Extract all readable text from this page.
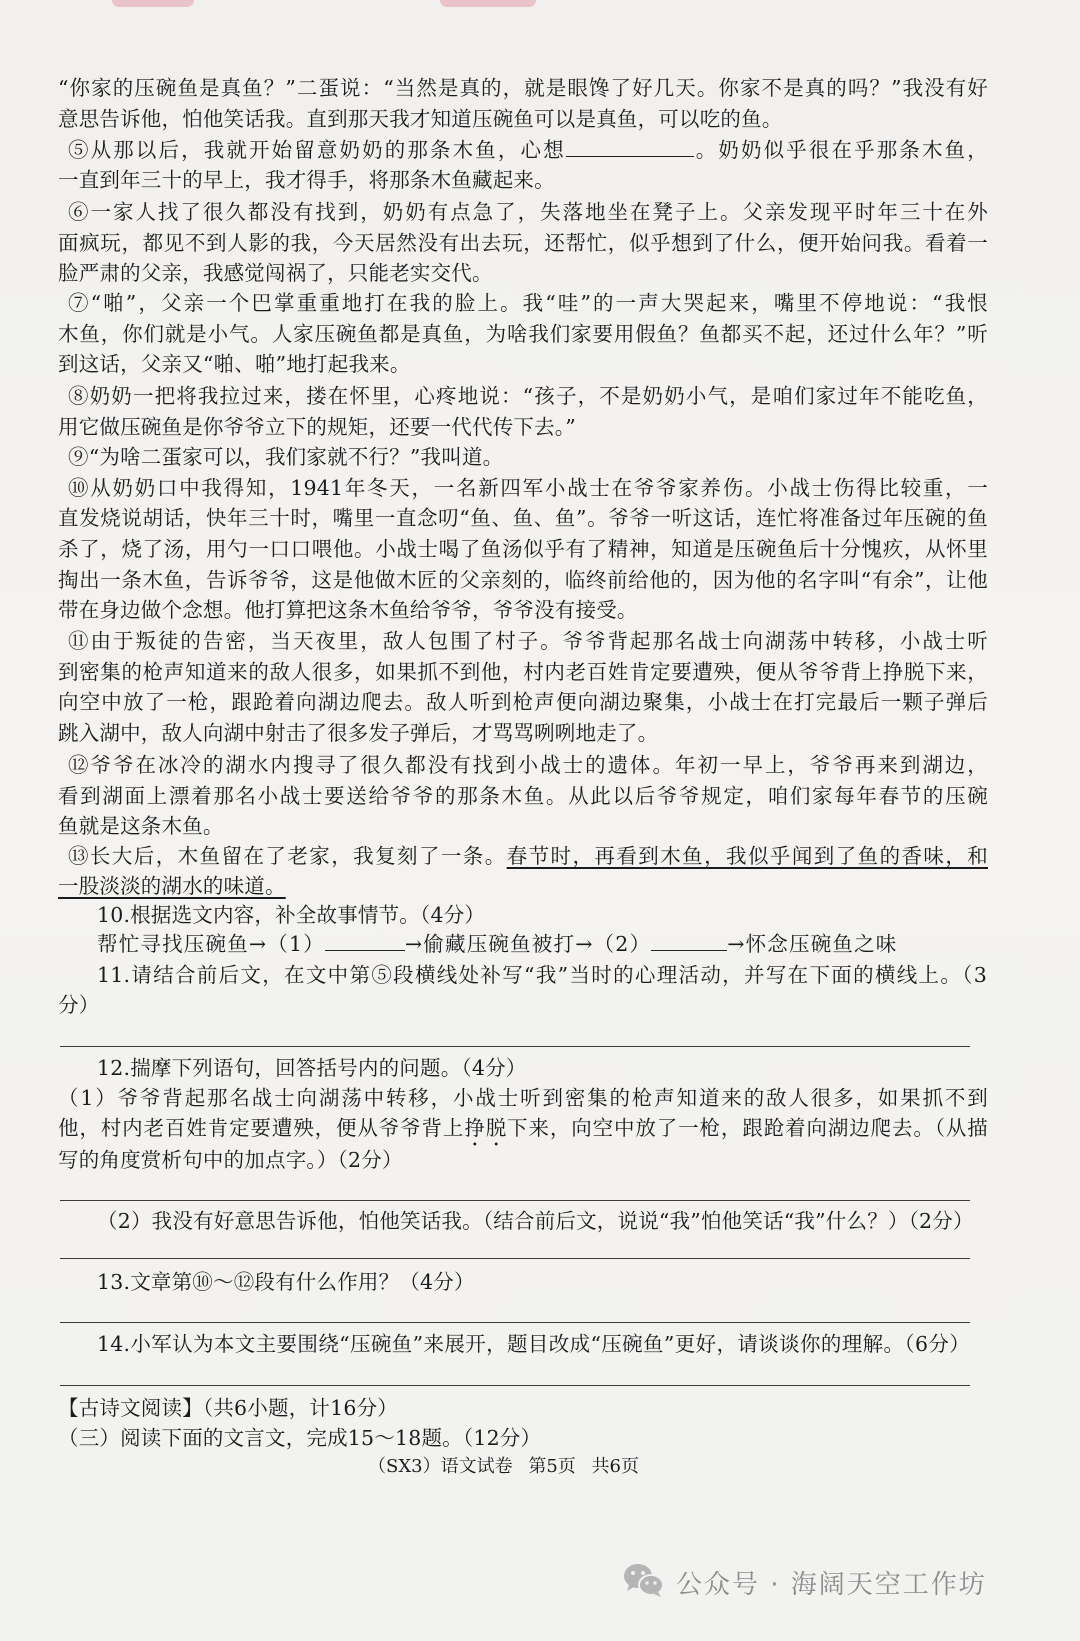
“你家的压碗鱼是真鱼？”二蛋说：“当然是真的，就是眼馋了好几天。你家不是真的吗？”我没有好
意思告诉他，怕他笑话我。直到那天我才知道压碗鱼可以是真鱼，可以吃的鱼。
⑤从那以后，我就开始留意奶奶的那条木鱼，心想	。奶奶似乎很在乎那条木鱼，
一直到年三十的早上，我才得手，将那条木鱼藏起来。
⑥一家人找了很久都没有找到，奶奶有点急了，失落地坐在凳子上。父亲发现平时年三十在外
面疯玩，都见不到人影的我，今天居然没有出去玩，还帮忙，似乎想到了什么，便开始问我。看着一
脸严肃的父亲，我感觉闯祸了，只能老实交代。
⑦“啪”，父亲一个巴掌重重地打在我的脸上。我“哇”的一声大哭起来，嘴里不停地说：“我恨
木鱼，你们就是小气。人家压碗鱼都是真鱼，为啥我们家要用假鱼？鱼都买不起，还过什么年？”听
到这话，父亲又“啪、啪”地打起我来。
⑧奶奶一把将我拉过来，搂在怀里，心疼地说：“孩子，不是奶奶小气，是咱们家过年不能吃鱼，
用它做压碗鱼是你爷爷立下的规矩，还要一代代传下去。”
⑨“为啥二蛋家可以，我们家就不行？”我叫道。
⑩从奶奶口中我得知，1941年冬天，一名新四军小战士在爷爷家养伤。小战士伤得比较重，一
直发烧说胡话，快年三十时，嘴里一直念叨“鱼、鱼、鱼”。爷爷一听这话，连忙将准备过年压碗的鱼
杀了，烧了汤，用勺一口口喂他。小战士喝了鱼汤似乎有了精神，知道是压碗鱼后十分愧疚，从怀里
掏出一条木鱼，告诉爷爷，这是他做木匠的父亲刻的，临终前给他的，因为他的名字叫“有余”，让他
带在身边做个念想。他打算把这条木鱼给爷爷，爷爷没有接受。
⑪由于叛徒的告密，当天夜里，敌人包围了村子。爷爷背起那名战士向湖荡中转移，小战士听
到密集的枪声知道来的敌人很多，如果抓不到他，村内老百姓肯定要遭殃，便从爷爷背上挣脱下来，
向空中放了一枪，跟跄着向湖边爬去。敌人听到枪声便向湖边聚集，小战士在打完最后一颗子弹后
跳入湖中，敌人向湖中射击了很多发子弹后，才骂骂咧咧地走了。
⑫爷爷在冰冷的湖水内搜寻了很久都没有找到小战士的遗体。年初一早上，爷爷再来到湖边，
看到湖面上漂着那名小战士要送给爷爷的那条木鱼。从此以后爷爷规定，咱们家每年春节的压碗
鱼就是这条木鱼。
⑬长大后，木鱼留在了老家，我复刻了一条。春节时，再看到木鱼，我似乎闻到了鱼的香味，和
一股淡淡的湖水的味道。
10.根据选文内容，补全故事情节。（4分）
帮忙寻找压碗鱼→（1）	→偷藏压碗鱼被打→（2）	→怀念压碗鱼之味
11.请结合前后文，在文中第⑤段横线处补写“我”当时的心理活动，并写在下面的横线上。（3
分）
12.揣摩下列语句，回答括号内的问题。（4分）
（1）爷爷背起那名战士向湖荡中转移，小战士听到密集的枪声知道来的敌人很多，如果抓不到
他，村内老百姓肯定要遭殃，便从爷爷背上挣脱下来，向空中放了一枪，跟跄着向湖边爬去。（从描
写的角度赏析句中的加点字。）（2分）
（2）我没有好意思告诉他，怕他笑话我。（结合前后文，说说“我”怕他笑话“我”什么？）（2分）
13.文章第⑩～⑫段有什么作用？（4分）
14.小军认为本文主要围绕“压碗鱼”来展开，题目改成“压碗鱼”更好，请谈谈你的理解。（6分）
【古诗文阅读】（共6小题，计16分）
（三）阅读下面的文言文，完成15～18题。（12分）
（SX3）语文试卷 第5页 共6页
公众号 · 海阔天空工作坊
